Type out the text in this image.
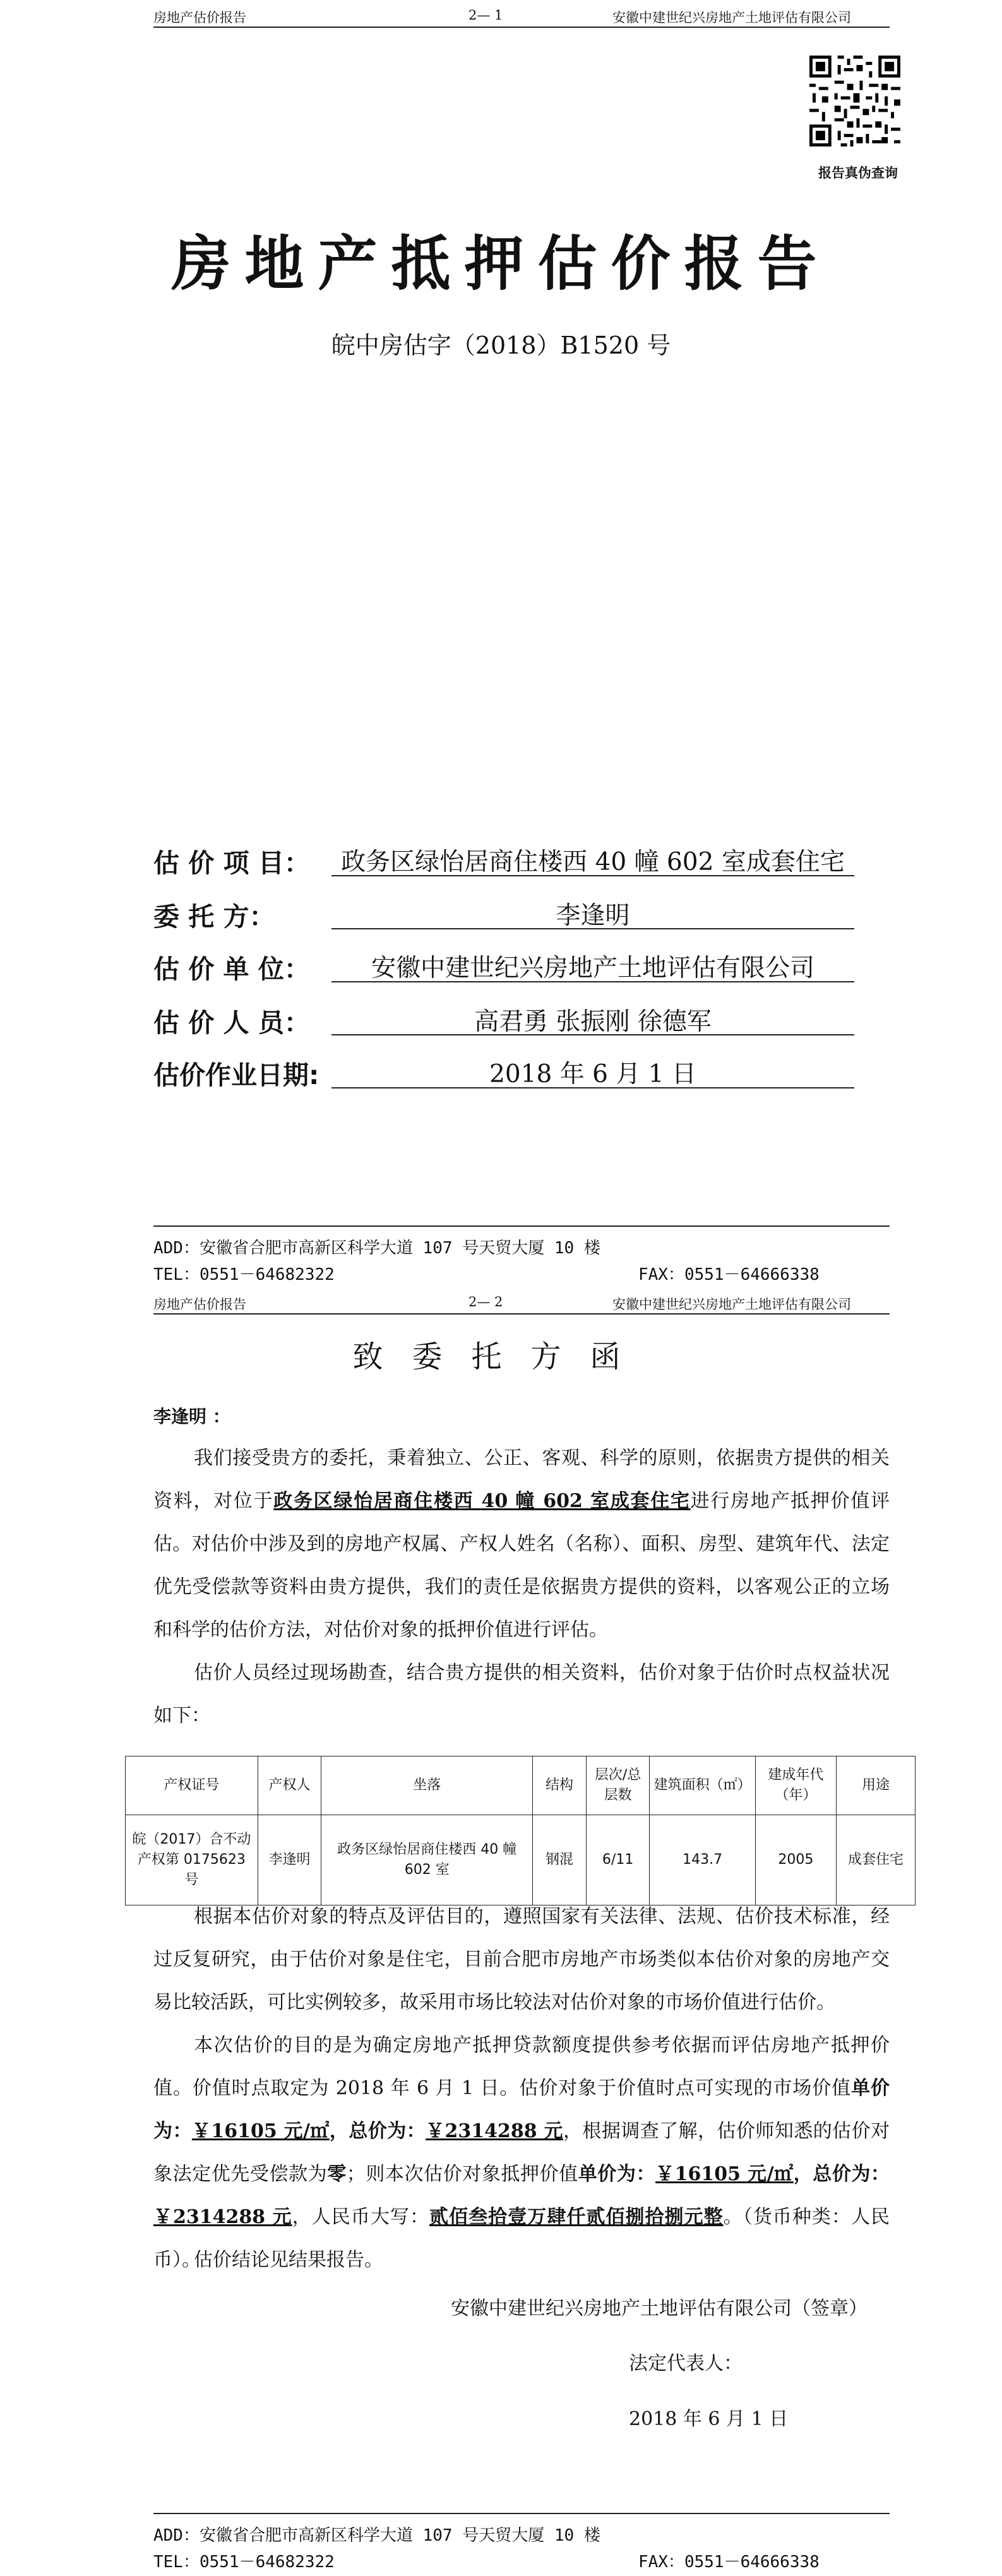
房地产估价报告	2— 1	安徽中建世纪兴房地产土地评估有限公司
报告真伪查询
房地产抵押估价报告
皖中房估字（2018）B1520 号
估 价 项 目：	政务区绿怡居商住楼西 40 幢 602 室成套住宅
委 托 方：	李逢明
估 价 单 位：	安徽中建世纪兴房地产土地评估有限公司
估 价 人 员：	高君勇 张振刚 徐德军
估价作业日期:	2018 年 6 月 1 日
ADD：安徽省合肥市高新区科学大道 107 号天贸大厦 10 楼
TEL：0551－64682322	FAX：0551－64666338
房地产估价报告	2— 2	安徽中建世纪兴房地产土地评估有限公司
致委托方函
李逢明 ：

我们接受贵方的委托，秉着独立、公正、客观、科学的原则，依据贵方提供的相关资料，对位于政务区绿怡居商住楼西 40 幢 602 室成套住宅进行房地产抵押价值评估。对估价中涉及到的房地产权属、产权人姓名（名称）、面积、房型、建筑年代、法定优先受偿款等资料由贵方提供，我们的责任是依据贵方提供的资料，以客观公正的立场和科学的估价方法，对估价对象的抵押价值进行评估。

估价人员经过现场勘查，结合贵方提供的相关资料，估价对象于估价时点权益状况如下：

产权证号	产权人	坐落	结构	层次/总层数	建筑面积（㎡）	建成年代（年）	用途
皖（2017）合不动产权第 0175623 号	李逢明	政务区绿怡居商住楼西 40 幢 602 室	钢混	6/11	143.7	2005	成套住宅

根据本估价对象的特点及评估目的，遵照国家有关法律、法规、估价技术标准，经过反复研究，由于估价对象是住宅，目前合肥市房地产市场类似本估价对象的房地产交易比较活跃，可比实例较多，故采用市场比较法对估价对象的市场价值进行估价。

本次估价的目的是为确定房地产抵押贷款额度提供参考依据而评估房地产抵押价值。价值时点取定为 2018 年 6 月 1 日。估价对象于价值时点可实现的市场价值单价为：￥16105 元/㎡，总价为：￥2314288 元，根据调查了解，估价师知悉的估价对象法定优先受偿款为零；则本次估价对象抵押价值单价为：￥16105 元/㎡，总价为：￥2314288 元，人民币大写：贰佰叁拾壹万肆仟贰佰捌拾捌元整。（货币种类：人民币）。

估价结论见结果报告。

安徽中建世纪兴房地产土地评估有限公司（签章）
法定代表人：
2018 年 6 月 1 日
ADD：安徽省合肥市高新区科学大道 107 号天贸大厦 10 楼
TEL：0551－64682322	FAX：0551－64666338
